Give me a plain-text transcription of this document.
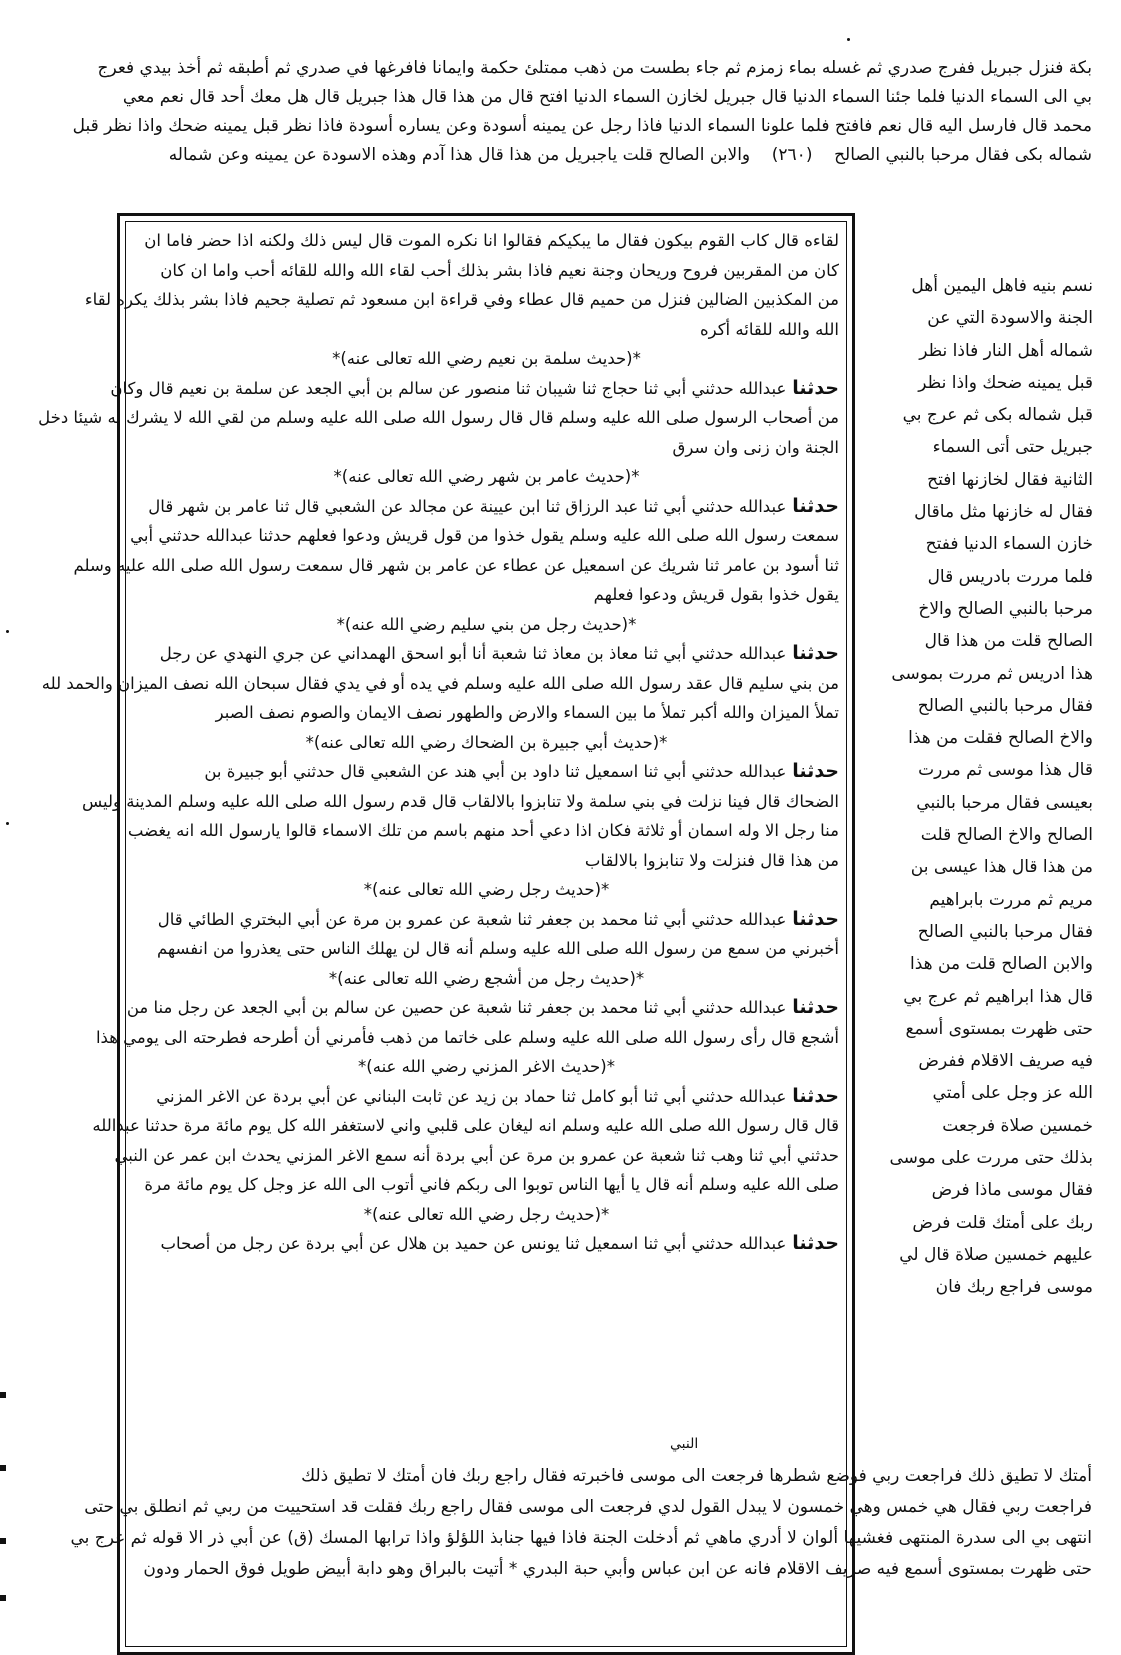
بكة فنزل جبريل ففرج صدري ثم غسله بماء زمزم ثم جاء بطست من ذهب ممتلئ حكمة وايمانا فافرغها في صدري ثم أطبقه ثم أخذ بيدي فعرج
بي الى السماء الدنيا فلما جئنا السماء الدنيا قال جبريل لخازن السماء الدنيا افتح قال من هذا قال هذا جبريل قال هل معك أحد قال نعم معي
محمد قال فارسل اليه قال نعم فافتح فلما علونا السماء الدنيا فاذا رجل عن يمينه أسودة وعن يساره أسودة فاذا نظر قبل يمينه ضحك واذا نظر قبل
شماله بكى فقال مرحبا بالنبي الصالح    (٢٦٠)    والابن الصالح قلت ياجبريل من هذا قال هذا آدم وهذه الاسودة عن يمينه وعن شماله
لقاءه قال كاب القوم بيكون فقال ما يبكيكم فقالوا انا نكره الموت قال ليس ذلك ولكنه اذا حضر فاما ان
كان من المقربين فروح وريحان وجنة نعيم فاذا بشر بذلك أحب لقاء الله والله للقائه أحب واما ان كان
من المكذبين الضالين فنزل من حميم قال عطاء وفي قراءة ابن مسعود ثم تصلية جحيم فاذا بشر بذلك يكره لقاء
الله والله للقائه أكره
*(حديث سلمة بن نعيم رضي الله تعالى عنه)*
حدثناعبدالله حدثني أبي ثنا حجاج ثنا شيبان ثنا منصور عن سالم بن أبي الجعد عن سلمة بن نعيم قال وكان
من أصحاب الرسول صلى الله عليه وسلم قال قال رسول الله صلى الله عليه وسلم من لقي الله لا يشرك به شيئا دخل
الجنة وان زنى وان سرق
*(حديث عامر بن شهر رضي الله تعالى عنه)*
حدثناعبدالله حدثني أبي ثنا عبد الرزاق ثنا ابن عيينة عن مجالد عن الشعبي قال ثنا عامر بن شهر قال
سمعت رسول الله صلى الله عليه وسلم يقول خذوا من قول قريش ودعوا فعلهم حدثنا عبدالله حدثني أبي
ثنا أسود بن عامر ثنا شريك عن اسمعيل عن عطاء عن عامر بن شهر قال سمعت رسول الله صلى الله عليه وسلم
يقول خذوا بقول قريش ودعوا فعلهم
*(حديث رجل من بني سليم رضي الله عنه)*
حدثناعبدالله حدثني أبي ثنا معاذ بن معاذ ثنا شعبة أنا أبو اسحق الهمداني عن جري النهدي عن رجل
من بني سليم قال عقد رسول الله صلى الله عليه وسلم في يده أو في يدي فقال سبحان الله نصف الميزان والحمد لله
تملأ الميزان والله أكبر تملأ ما بين السماء والارض والطهور نصف الايمان والصوم نصف الصبر
*(حديث أبي جبيرة بن الضحاك رضي الله تعالى عنه)*
حدثناعبدالله حدثني أبي ثنا اسمعيل ثنا داود بن أبي هند عن الشعبي قال حدثني أبو جبيرة بن
الضحاك قال فينا نزلت في بني سلمة ولا تنابزوا بالالقاب قال قدم رسول الله صلى الله عليه وسلم المدينة وليس
منا رجل الا وله اسمان أو ثلاثة فكان اذا دعي أحد منهم باسم من تلك الاسماء قالوا يارسول الله انه يغضب
من هذا قال فنزلت ولا تنابزوا بالالقاب
*(حديث رجل رضي الله تعالى عنه)*
حدثناعبدالله حدثني أبي ثنا محمد بن جعفر ثنا شعبة عن عمرو بن مرة عن أبي البختري الطائي قال
أخبرني من سمع من رسول الله صلى الله عليه وسلم أنه قال لن يهلك الناس حتى يعذروا من انفسهم
*(حديث رجل من أشجع رضي الله تعالى عنه)*
حدثناعبدالله حدثني أبي ثنا محمد بن جعفر ثنا شعبة عن حصين عن سالم بن أبي الجعد عن رجل منا من
أشجع قال رأى رسول الله صلى الله عليه وسلم على خاتما من ذهب فأمرني أن أطرحه فطرحته الى يومي هذا
*(حديث الاغر المزني رضي الله عنه)*
حدثناعبدالله حدثني أبي ثنا أبو كامل ثنا حماد بن زيد عن ثابت البناني عن أبي بردة عن الاغر المزني
قال قال رسول الله صلى الله عليه وسلم انه ليغان على قلبي واني لاستغفر الله كل يوم مائة مرة حدثنا عبدالله
حدثني أبي ثنا وهب ثنا شعبة عن عمرو بن مرة عن أبي بردة أنه سمع الاغر المزني يحدث ابن عمر عن النبي
صلى الله عليه وسلم أنه قال يا أيها الناس توبوا الى ربكم فاني أتوب الى الله عز وجل كل يوم مائة مرة
*(حديث رجل رضي الله تعالى عنه)*
حدثناعبدالله حدثني أبي ثنا اسمعيل ثنا يونس عن حميد بن هلال عن أبي بردة عن رجل من أصحاب
نسم بنيه فاهل اليمين أهل
الجنة والاسودة التي عن
شماله أهل النار فاذا نظر
قبل يمينه ضحك واذا نظر
قبل شماله بكى ثم عرج بي
جبريل حتى أتى السماء
الثانية فقال لخازنها افتح
فقال له خازنها مثل ماقال
خازن السماء الدنيا ففتح
فلما مررت بادريس قال
مرحبا بالنبي الصالح والاخ
الصالح قلت من هذا قال
هذا ادريس ثم مررت بموسى
فقال مرحبا بالنبي الصالح
والاخ الصالح فقلت من هذا
قال هذا موسى ثم مررت
بعيسى فقال مرحبا بالنبي
الصالح والاخ الصالح قلت
من هذا قال هذا عيسى بن
مريم ثم مررت بابراهيم
فقال مرحبا بالنبي الصالح
والابن الصالح قلت من هذا
قال هذا ابراهيم ثم عرج بي
حتى ظهرت بمستوى أسمع
فيه صريف الاقلام ففرض
الله عز وجل على أمتي
خمسين صلاة فرجعت
بذلك حتى مررت على موسى
فقال موسى ماذا فرض
ربك على أمتك قلت فرض
عليهم خمسين صلاة قال لي
موسى فراجع ربك فان
النبي
أمتك لا تطيق ذلك فراجعت ربي فوضع شطرها فرجعت الى موسى فاخبرته فقال راجع ربك فان أمتك لا تطيق ذلك
فراجعت ربي فقال هي خمس وهي خمسون لا يبدل القول لدي فرجعت الى موسى فقال راجع ربك فقلت قد استحييت من ربي ثم انطلق بي حتى
انتهى بي الى سدرة المنتهى فغشيها ألوان لا أدري ماهي ثم أدخلت الجنة فاذا فيها جنابذ اللؤلؤ واذا ترابها المسك (ق) عن أبي ذر الا قوله ثم عرج بي
حتى ظهرت بمستوى أسمع فيه صريف الاقلام فانه عن ابن عباس وأبي حبة البدري * أتيت بالبراق وهو دابة أبيض طويل فوق الحمار ودون
